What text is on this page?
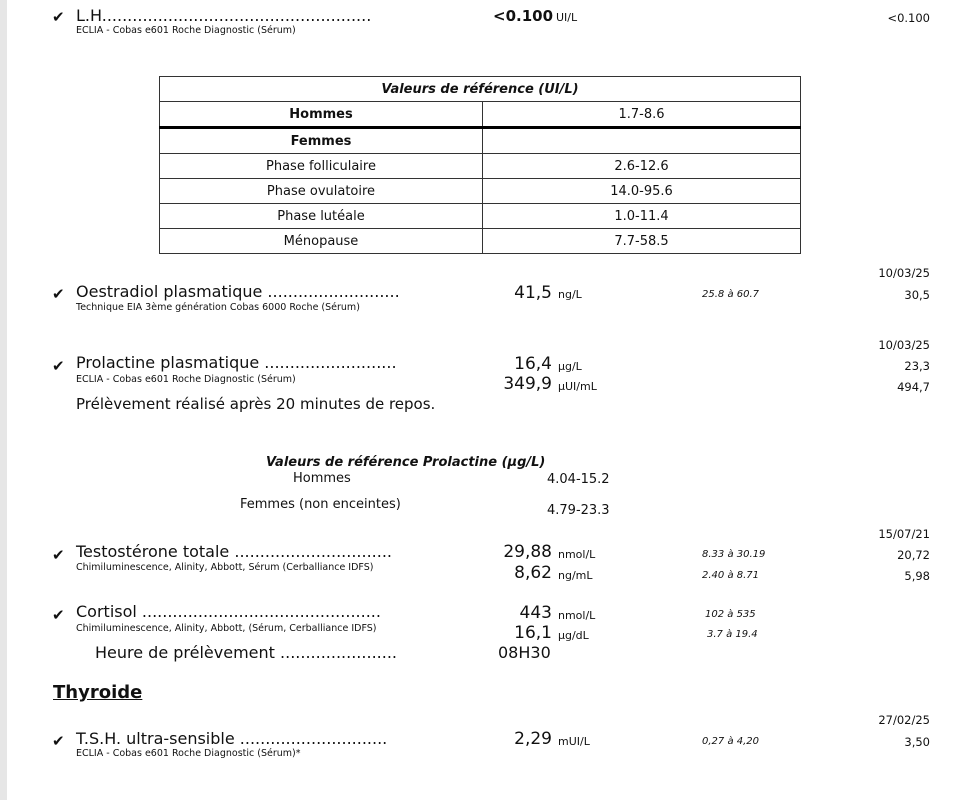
✔ L.H.....................................................
ECLIA - Cobas e601 Roche Diagnostic (Sérum)
<0.100 UI/L	<0.100
Valeurs de référence (UI/L)	
Hommes	1.7-8.6
Femmes	
Phase folliculaire	2.6-12.6
Phase ovulatoire	14.0-95.6
Phase lutéale	1.0-11.4
Ménopause	7.7-58.5
10/03/25
✔ Oestradiol plasmatique ..........................
Technique EIA 3ème génération Cobas 6000 Roche (Sérum)
41,5 ng/L	25.8 à 60.7	30,5
10/03/25
✔ Prolactine plasmatique ..........................
ECLIA - Cobas e601 Roche Diagnostic (Sérum)
16,4 µg/L	23,3
349,9 µUI/mL	494,7
Prélèvement réalisé après 20 minutes de repos.
Valeurs de référence Prolactine (µg/L)
Hommes	4.04-15.2
Femmes (non enceintes)	4.79-23.3
15/07/21
✔ Testostérone totale ...............................
Chimiluminescence, Alinity, Abbott, Sérum (Cerballiance IDFS)
29,88 nmol/L	8.33 à 30.19	20,72
8,62 ng/mL	2.40 à 8.71	5,98
✔ Cortisol ...............................................
Chimiluminescence, Alinity, Abbott, (Sérum, Cerballiance IDFS)
443 nmol/L	102 à 535
16,1 µg/dL	3.7 à 19.4
Heure de prélèvement .......................	08H30
Thyroide
27/02/25
✔ T.S.H. ultra-sensible .............................
ECLIA - Cobas e601 Roche Diagnostic (Sérum)*
2,29 mUI/L	0,27 à 4,20	3,50
